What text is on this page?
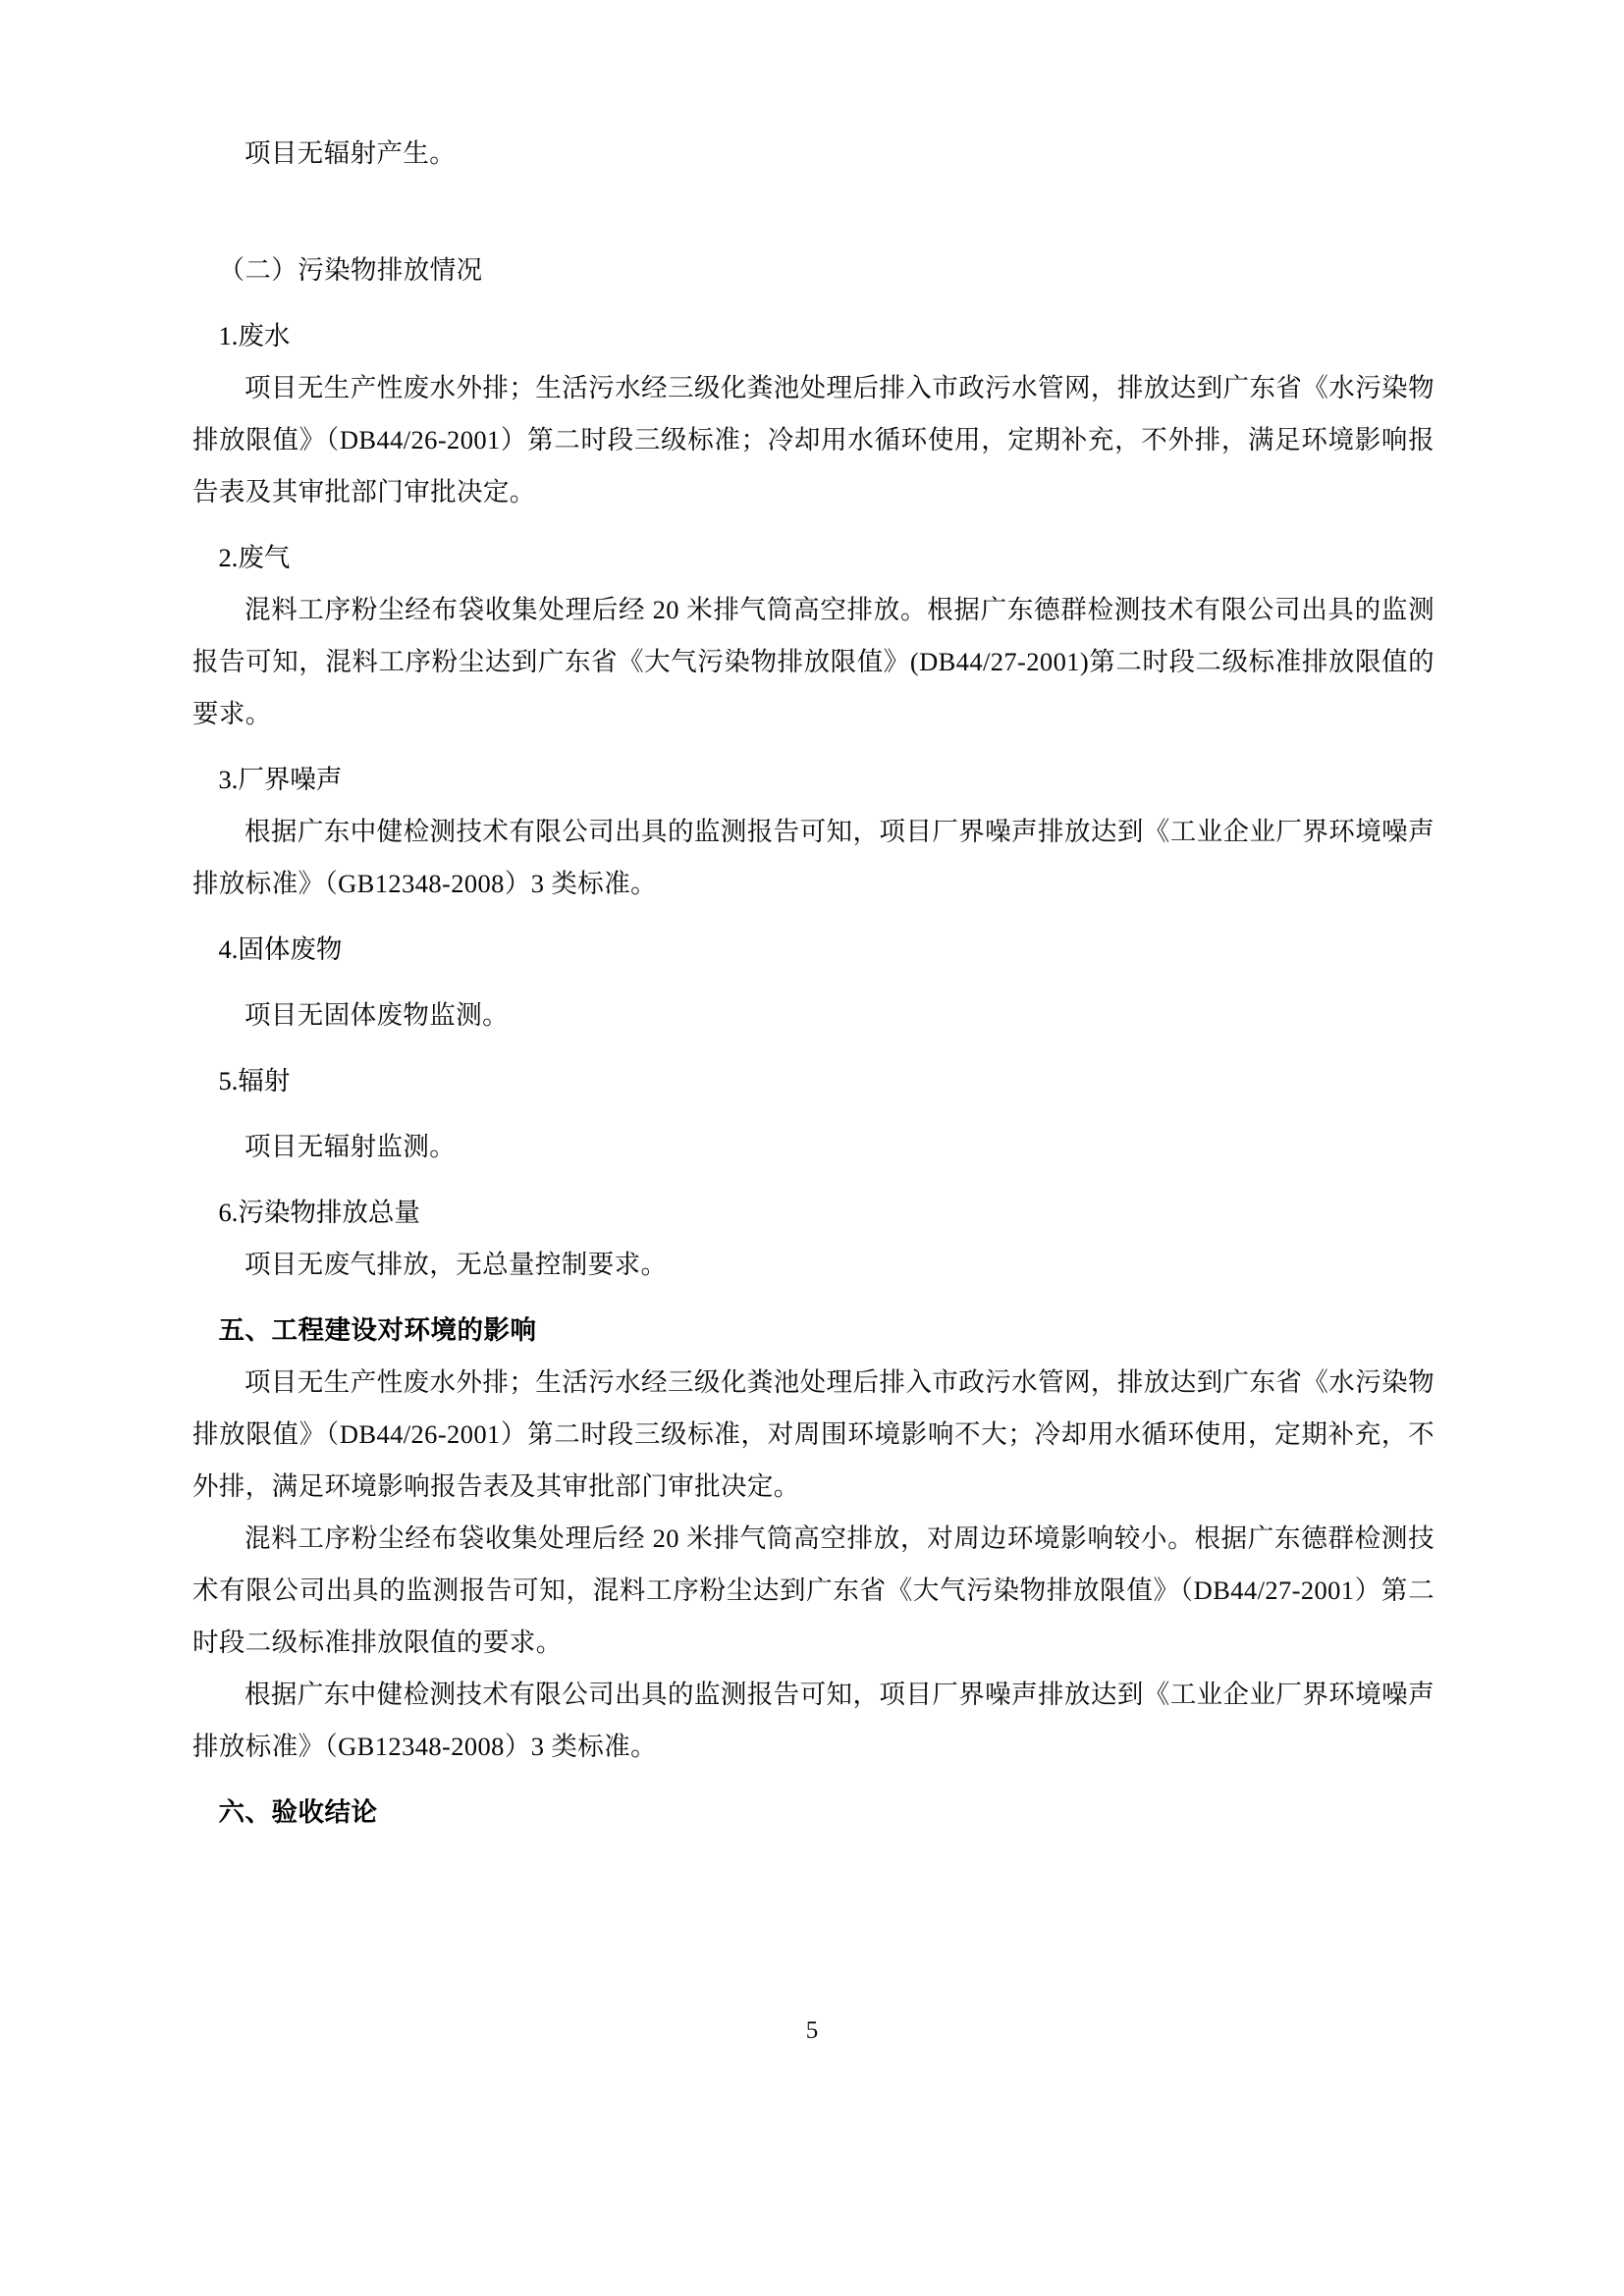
项目无辐射产生。

（二）污染物排放情况

1.废水

项目无生产性废水外排；生活污水经三级化粪池处理后排入市政污水管网，排放达到广东省《水污染物排放限值》（DB44/26-2001）第二时段三级标准；冷却用水循环使用，定期补充，不外排，满足环境影响报告表及其审批部门审批决定。

2.废气

混料工序粉尘经布袋收集处理后经 20 米排气筒高空排放。根据广东德群检测技术有限公司出具的监测报告可知，混料工序粉尘达到广东省《大气污染物排放限值》(DB44/27-2001)第二时段二级标准排放限值的要求。

3.厂界噪声

根据广东中健检测技术有限公司出具的监测报告可知，项目厂界噪声排放达到《工业企业厂界环境噪声排放标准》（GB12348-2008）3 类标准。

4.固体废物

项目无固体废物监测。

5.辐射

项目无辐射监测。

6.污染物排放总量

项目无废气排放，无总量控制要求。

五、工程建设对环境的影响

项目无生产性废水外排；生活污水经三级化粪池处理后排入市政污水管网，排放达到广东省《水污染物排放限值》（DB44/26-2001）第二时段三级标准，对周围环境影响不大；冷却用水循环使用，定期补充，不外排，满足环境影响报告表及其审批部门审批决定。

混料工序粉尘经布袋收集处理后经 20 米排气筒高空排放，对周边环境影响较小。根据广东德群检测技术有限公司出具的监测报告可知，混料工序粉尘达到广东省《大气污染物排放限值》（DB44/27-2001）第二时段二级标准排放限值的要求。

根据广东中健检测技术有限公司出具的监测报告可知，项目厂界噪声排放达到《工业企业厂界环境噪声排放标准》（GB12348-2008）3 类标准。

六、验收结论

5
